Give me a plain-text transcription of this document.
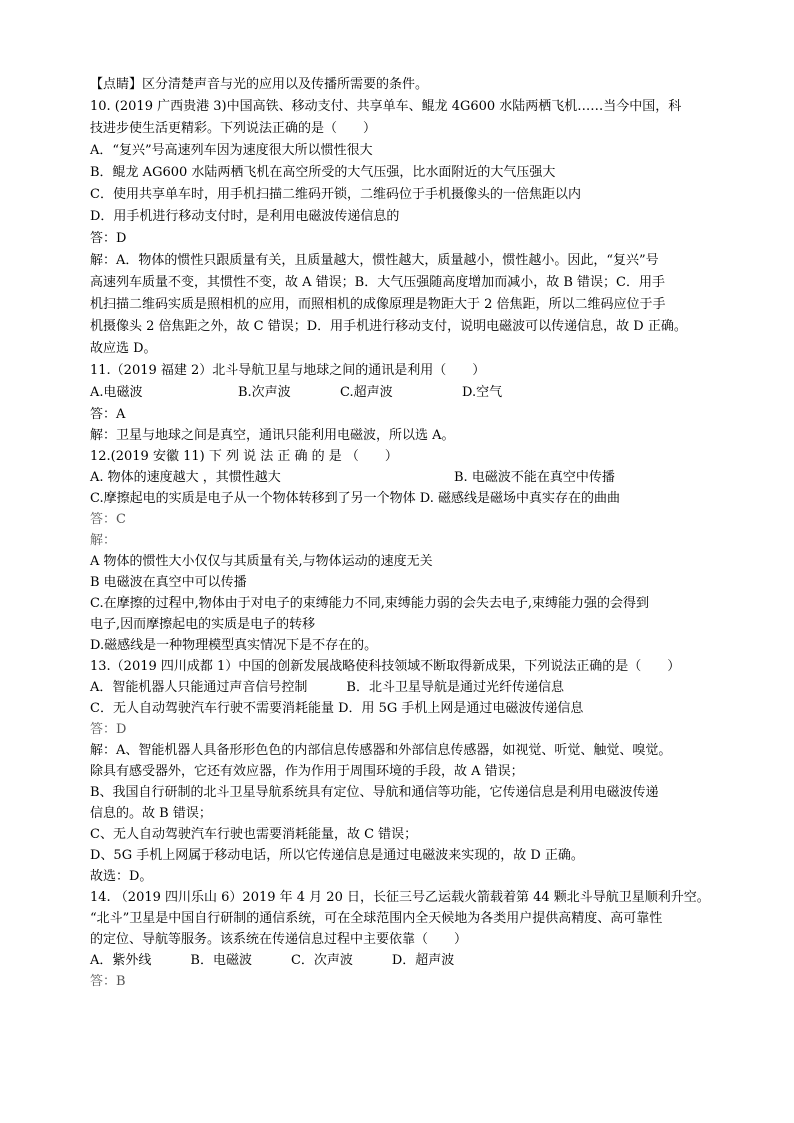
【点睛】区分清楚声音与光的应用以及传播所需要的条件。

10. (2019 广西贵港 3)中国高铁、移动支付、共享单车、鲲龙 4G600 水陆两栖飞机……当今中国，科

技进步使生活更精彩。下列说法正确的是（　　）

A．“复兴”号高速列车因为速度很大所以惯性很大

B．鲲龙 AG600 水陆两栖飞机在高空所受的大气压强，比水面附近的大气压强大

C．使用共享单车时，用手机扫描二维码开锁，二维码位于手机摄像头的一倍焦距以内

D．用手机进行移动支付时，是利用电磁波传递信息的

答：D

解：A．物体的惯性只跟质量有关，且质量越大，惯性越大，质量越小，惯性越小。因此，“复兴”号

高速列车质量不变，其惯性不变，故 A 错误；B．大气压强随高度增加而减小，故 B 错误；C．用手

机扫描二维码实质是照相机的应用，而照相机的成像原理是物距大于 2 倍焦距，所以二维码应位于手

机摄像头 2 倍焦距之外，故 C 错误；D．用手机进行移动支付，说明电磁波可以传递信息，故 D 正确。

故应选 D。

11.（2019 福建 2）北斗导航卫星与地球之间的通讯是利用（　　）

A.电磁波	B.次声波	C.超声波	D.空气

答：A

解：卫星与地球之间是真空，通讯只能利用电磁波，所以选 A。

12.(2019 安徽 11) 下 列 说 法 正 确 的 是 （　　）

A. 物体的速度越大 ，其惯性越大	B. 电磁波不能在真空中传播

C.摩擦起电的实质是电子从一个物体转移到了另一个物体 D. 磁感线是磁场中真实存在的曲曲

答：C

解：

A 物体的惯性大小仅仅与其质量有关,与物体运动的速度无关

B 电磁波在真空中可以传播

C.在摩擦的过程中,物体由于对电子的束缚能力不同,束缚能力弱的会失去电子,束缚能力强的会得到

电子,因而摩擦起电的实质是电子的转移

D.磁感线是一种物理模型真实情况下是不存在的。

13.（2019 四川成都 1）中国的创新发展战略使科技领域不断取得新成果，下列说法正确的是（　　）

A．智能机器人只能通过声音信号控制　　　B．北斗卫星导航是通过光纤传递信息

C．无人自动驾驶汽车行驶不需要消耗能量 D．用 5G 手机上网是通过电磁波传递信息

答：D

解：A、智能机器人具备形形色色的内部信息传感器和外部信息传感器，如视觉、听觉、触觉、嗅觉。

除具有感受器外，它还有效应器，作为作用于周围环境的手段，故 A 错误；

B、我国自行研制的北斗卫星导航系统具有定位、导航和通信等功能，它传递信息是利用电磁波传递

信息的。故 B 错误；

C、无人自动驾驶汽车行驶也需要消耗能量，故 C 错误；

D、5G 手机上网属于移动电话，所以它传递信息是通过电磁波来实现的，故 D 正确。

故选：D。

14. （2019 四川乐山 6）2019 年 4 月 20 日，长征三号乙运载火箭载着第 44 颗北斗导航卫星顺利升空。

“北斗”卫星是中国自行研制的通信系统，可在全球范围内全天候地为各类用户提供高精度、高可靠性

的定位、导航等服务。该系统在传递信息过程中主要依靠（　　）

A．紫外线　　　B．电磁波　　　C．次声波　　　D．超声波

答：B
